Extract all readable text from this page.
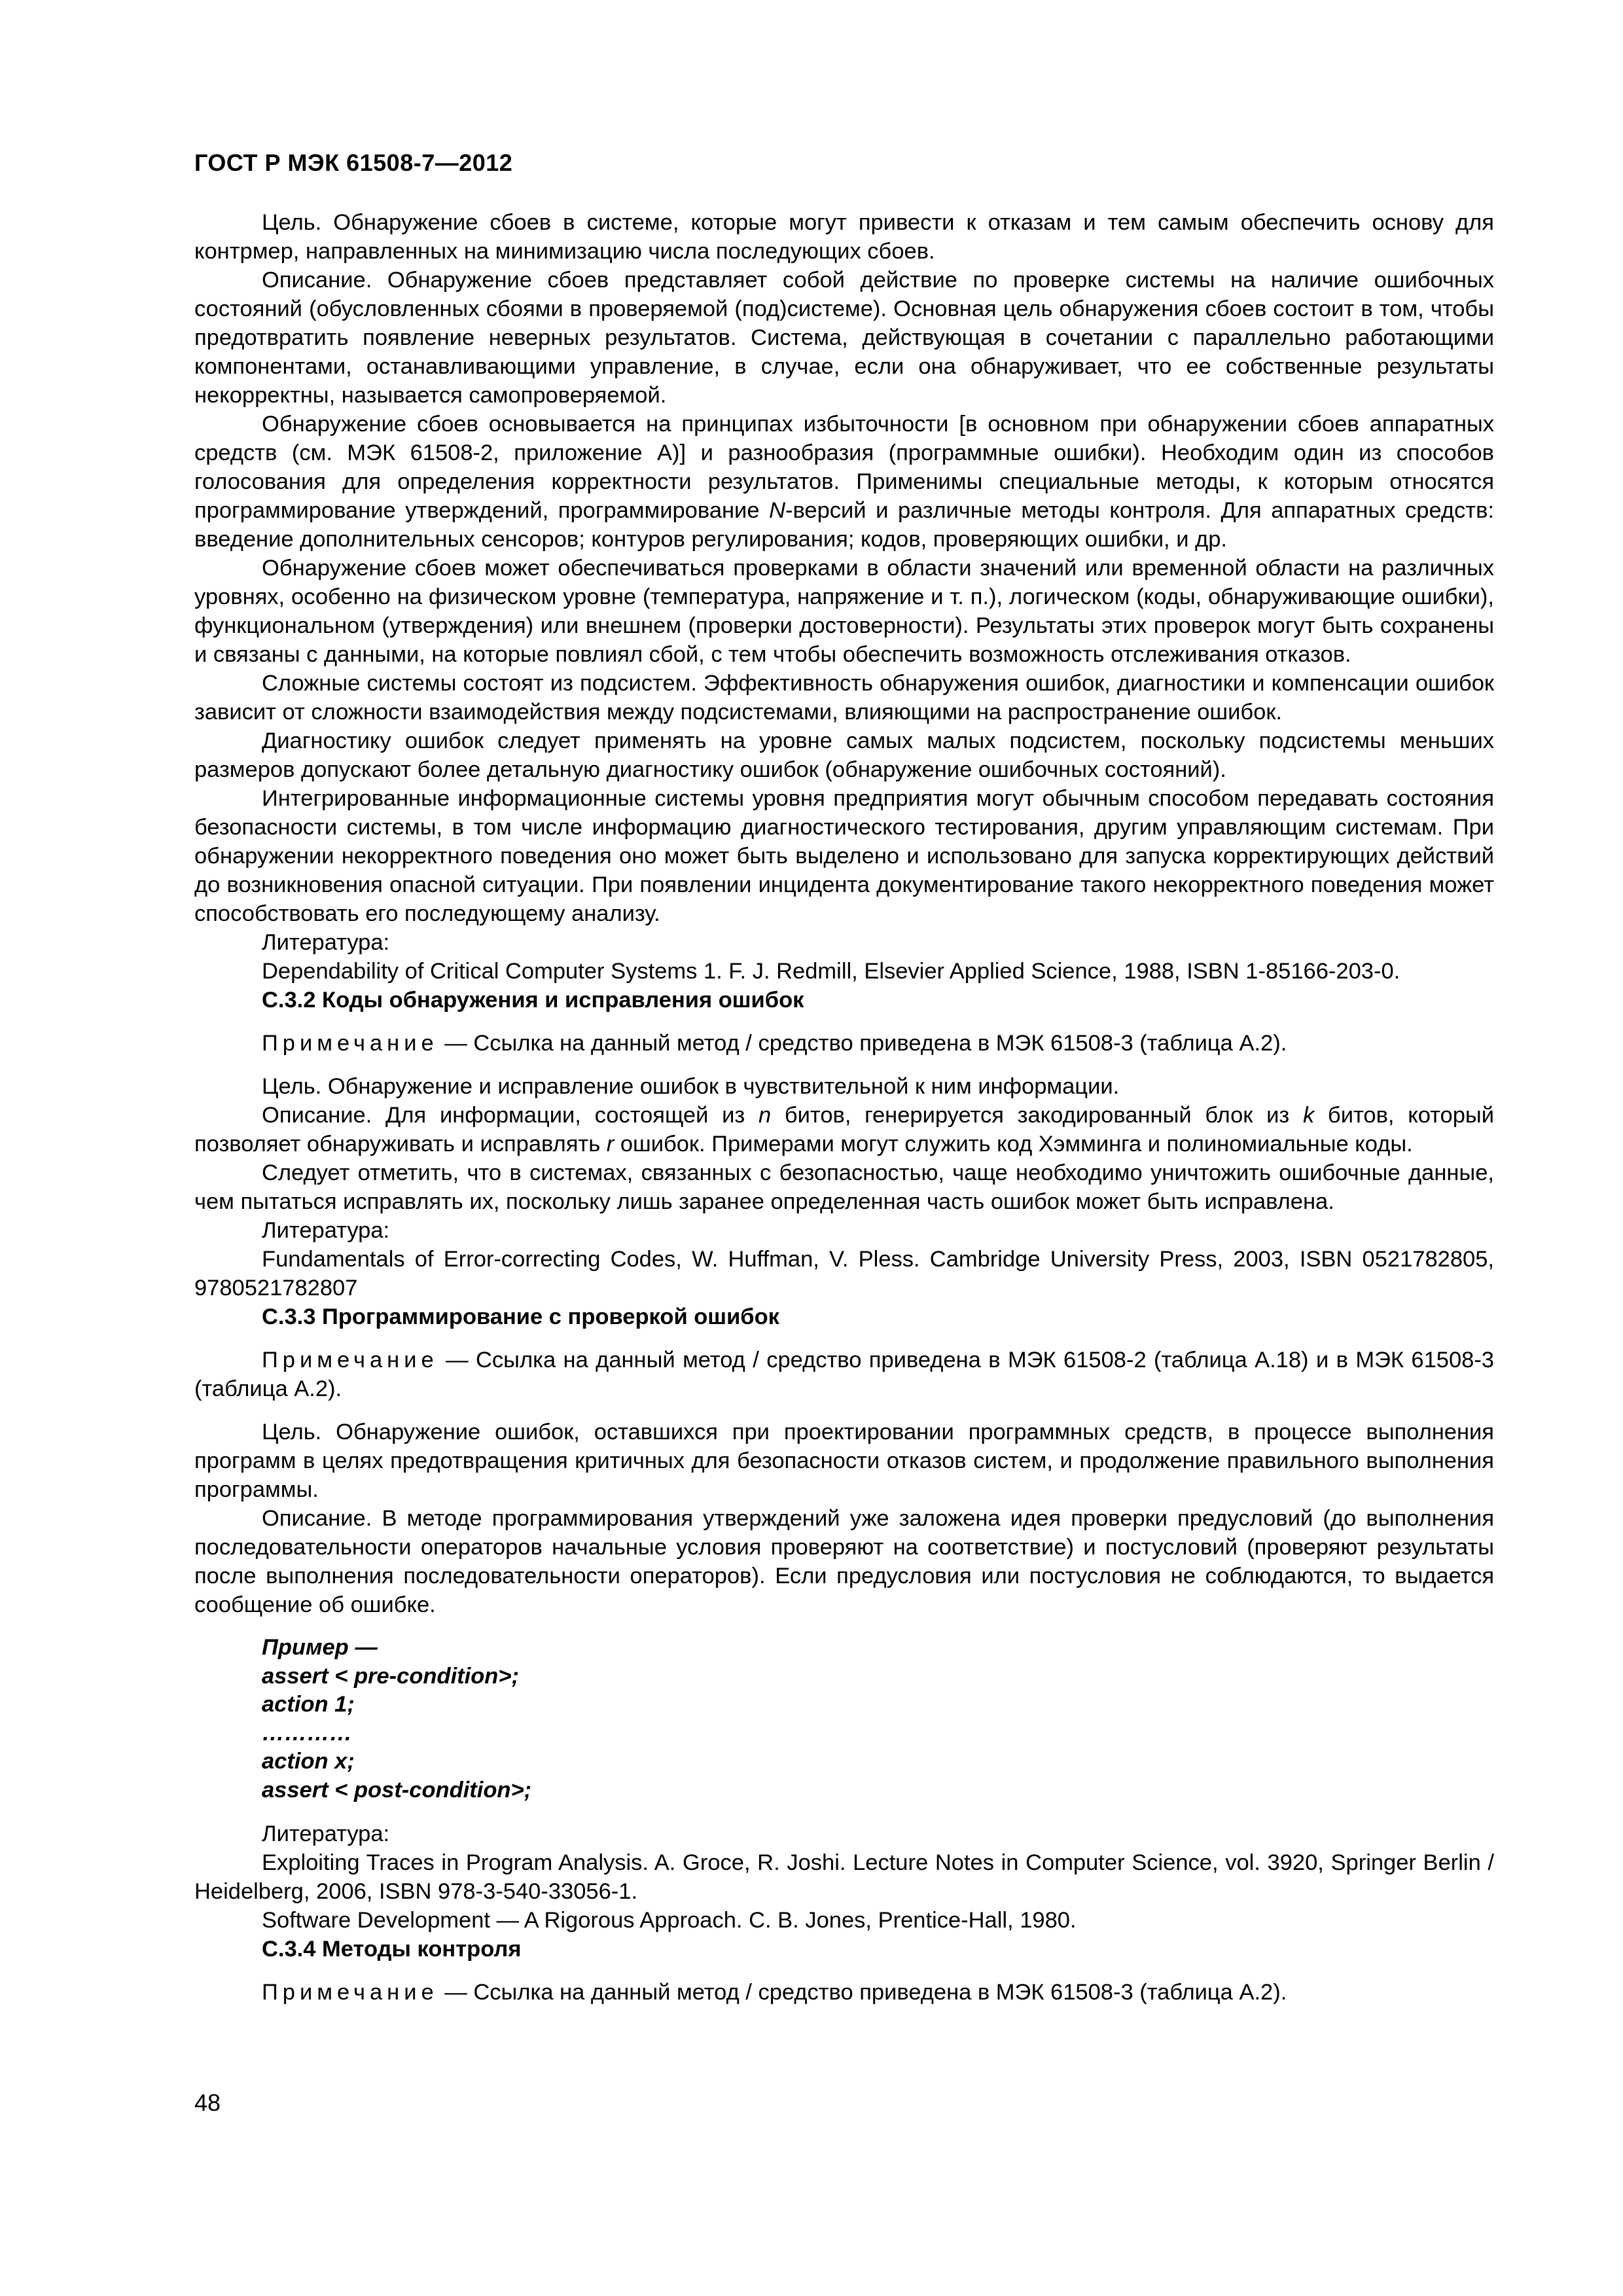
ГОСТ Р МЭК 61508-7—2012

Цель. Обнаружение сбоев в системе, которые могут привести к отказам и тем самым обеспечить основу для контрмер, направленных на минимизацию числа последующих сбоев.

Описание. Обнаружение сбоев представляет собой действие по проверке системы на наличие ошибочных состояний (обусловленных сбоями в проверяемой (под)системе). Основная цель обнаружения сбоев состоит в том, чтобы предотвратить появление неверных результатов. Система, действующая в сочетании с параллельно работающими компонентами, останавливающими управление, в случае, если она обнаруживает, что ее собственные результаты некорректны, называется самопроверяемой.

Обнаружение сбоев основывается на принципах избыточности [в основном при обнаружении сбоев аппаратных средств (см. МЭК 61508-2, приложение А)] и разнообразия (программные ошибки). Необходим один из способов голосования для определения корректности результатов. Применимы специальные методы, к которым относятся программирование утверждений, программирование N-версий и различные методы контроля. Для аппаратных средств: введение дополнительных сенсоров; контуров регулирования; кодов, проверяющих ошибки, и др.

Обнаружение сбоев может обеспечиваться проверками в области значений или временной области на различных уровнях, особенно на физическом уровне (температура, напряжение и т. п.), логическом (коды, обнаруживающие ошибки), функциональном (утверждения) или внешнем (проверки достоверности). Результаты этих проверок могут быть сохранены и связаны с данными, на которые повлиял сбой, с тем чтобы обеспечить возможность отслеживания отказов.

Сложные системы состоят из подсистем. Эффективность обнаружения ошибок, диагностики и компенсации ошибок зависит от сложности взаимодействия между подсистемами, влияющими на распространение ошибок.

Диагностику ошибок следует применять на уровне самых малых подсистем, поскольку подсистемы меньших размеров допускают более детальную диагностику ошибок (обнаружение ошибочных состояний).

Интегрированные информационные системы уровня предприятия могут обычным способом передавать состояния безопасности системы, в том числе информацию диагностического тестирования, другим управляющим системам. При обнаружении некорректного поведения оно может быть выделено и использовано для запуска корректирующих действий до возникновения опасной ситуации. При появлении инцидента документирование такого некорректного поведения может способствовать его последующему анализу.

Литература:

Dependability of Critical Computer Systems 1. F. J. Redmill, Elsevier Applied Science, 1988, ISBN 1-85166-203-0.

С.3.2 Коды обнаружения и исправления ошибок

Примечание — Ссылка на данный метод / средство приведена в МЭК 61508-3 (таблица А.2).

Цель. Обнаружение и исправление ошибок в чувствительной к ним информации.

Описание. Для информации, состоящей из n битов, генерируется закодированный блок из k битов, который позволяет обнаруживать и исправлять r ошибок. Примерами могут служить код Хэмминга и полиномиальные коды.

Следует отметить, что в системах, связанных с безопасностью, чаще необходимо уничтожить ошибочные данные, чем пытаться исправлять их, поскольку лишь заранее определенная часть ошибок может быть исправлена.

Литература:

Fundamentals of Error-correcting Codes, W. Huffman, V. Pless. Cambridge University Press, 2003, ISBN 0521782805, 9780521782807

С.3.3 Программирование с проверкой ошибок

Примечание — Ссылка на данный метод / средство приведена в МЭК 61508-2 (таблица А.18) и в МЭК 61508-3 (таблица А.2).

Цель. Обнаружение ошибок, оставшихся при проектировании программных средств, в процессе выполнения программ в целях предотвращения критичных для безопасности отказов систем, и продолжение правильного выполнения программы.

Описание. В методе программирования утверждений уже заложена идея проверки предусловий (до выполнения последовательности операторов начальные условия проверяют на соответствие) и постусловий (проверяют результаты после выполнения последовательности операторов). Если предусловия или постусловия не соблюдаются, то выдается сообщение об ошибке.

Пример —
assert < pre-condition>;
action 1;
…………
action x;
assert < post-condition>;

Литература:

Exploiting Traces in Program Analysis. A. Groce, R. Joshi. Lecture Notes in Computer Science, vol. 3920, Springer Berlin / Heidelberg, 2006, ISBN 978-3-540-33056-1.

Software Development — A Rigorous Approach. C. B. Jones, Prentice-Hall, 1980.

С.3.4 Методы контроля

Примечание — Ссылка на данный метод / средство приведена в МЭК 61508-3 (таблица А.2).

48
